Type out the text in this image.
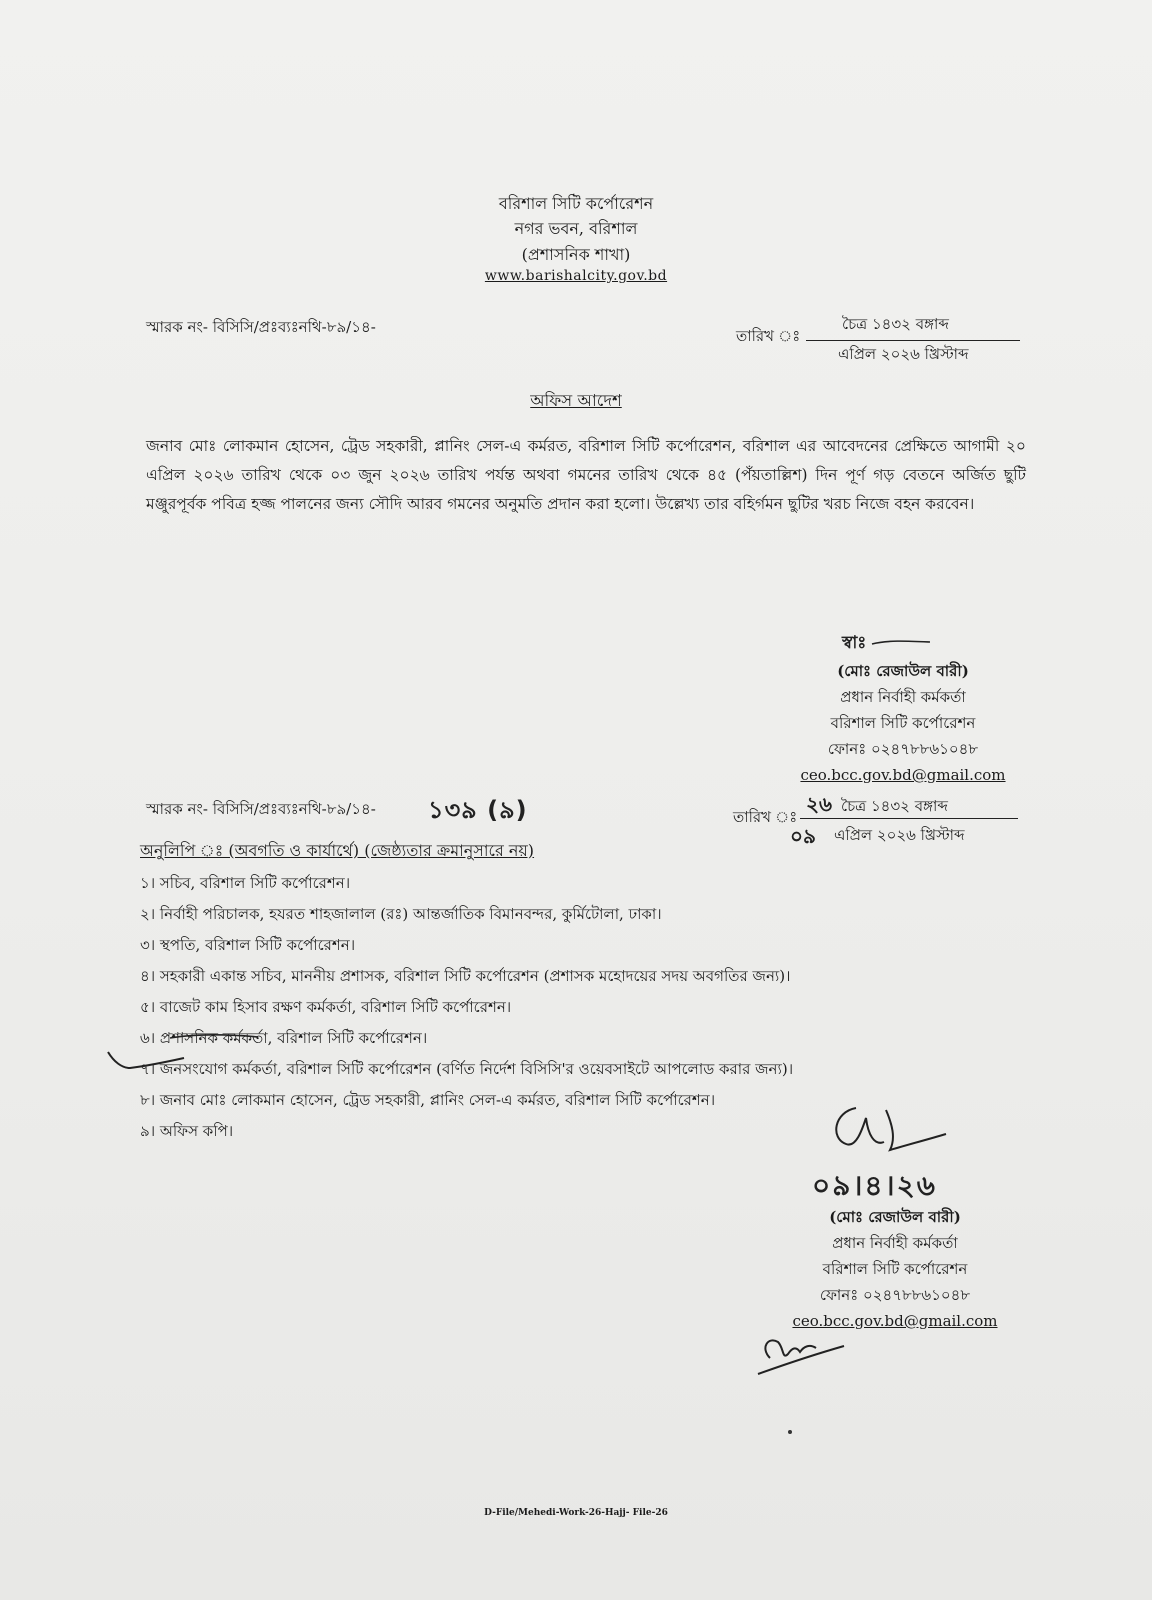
বরিশাল সিটি কর্পোরেশন
নগর ভবন, বরিশাল
(প্রশাসনিক শাখা)
www.barishalcity.gov.bd
স্মারক নং- বিসিসি/প্রঃব্যঃনথি-৮৯/১৪-	তারিখ ঃ
চৈত্র ১৪৩২ বঙ্গাব্দ
এপ্রিল ২০২৬ খ্রিস্টাব্দ
অফিস আদেশ
জনাব মোঃ লোকমান হোসেন, ট্রেড সহকারী, প্লানিং সেল-এ কর্মরত, বরিশাল সিটি কর্পোরেশন, বরিশাল এর আবেদনের প্রেক্ষিতে আগামী ২০ এপ্রিল ২০২৬ তারিখ থেকে ০৩ জুন ২০২৬ তারিখ পর্যন্ত অথবা গমনের তারিখ থেকে ৪৫ (পঁয়তাল্লিশ) দিন পূর্ণ গড় বেতনে অর্জিত ছুটি মঞ্জুরপূর্বক পবিত্র হজ্জ পালনের জন্য সৌদি আরব গমনের অনুমতি প্রদান করা হলো। উল্লেখ্য তার বহির্গমন ছুটির খরচ নিজে বহন করবেন।
স্বাঃ
(মোঃ রেজাউল বারী)
প্রধান নির্বাহী কর্মকর্তা
বরিশাল সিটি কর্পোরেশন
ফোনঃ ০২৪৭৮৮৬১০৪৮
ceo.bcc.gov.bd@gmail.com
স্মারক নং- বিসিসি/প্রঃব্যঃনথি-৮৯/১৪- ১৩৯ (৯)	তারিখ ঃ
২৬ চৈত্র ১৪৩২ বঙ্গাব্দ
০৯ এপ্রিল ২০২৬ খ্রিস্টাব্দ
অনুলিপি ঃ (অবগতি ও কার্যার্থে) (জেষ্ঠ্যতার ক্রমানুসারে নয়)
১। সচিব, বরিশাল সিটি কর্পোরেশন।
২। নির্বাহী পরিচালক, হযরত শাহজালাল (রঃ) আন্তর্জাতিক বিমানবন্দর, কুর্মিটোলা, ঢাকা।
৩। স্থপতি, বরিশাল সিটি কর্পোরেশন।
৪। সহকারী একান্ত সচিব, মাননীয় প্রশাসক, বরিশাল সিটি কর্পোরেশন (প্রশাসক মহোদয়ের সদয় অবগতির জন্য)।
৫। বাজেট কাম হিসাব রক্ষণ কর্মকর্তা, বরিশাল সিটি কর্পোরেশন।
৬। প্রশাসনিক কর্মকর্তা, বরিশাল সিটি কর্পোরেশন।
৭। জনসংযোগ কর্মকর্তা, বরিশাল সিটি কর্পোরেশন (বর্ণিত নির্দেশ বিসিসি'র ওয়েবসাইটে আপলোড করার জন্য)।
৮। জনাব মোঃ লোকমান হোসেন, ট্রেড সহকারী, প্লানিং সেল-এ কর্মরত, বরিশাল সিটি কর্পোরেশন।
৯। অফিস কপি।
০৯।৪।২৬
(মোঃ রেজাউল বারী)
প্রধান নির্বাহী কর্মকর্তা
বরিশাল সিটি কর্পোরেশন
ফোনঃ ০২৪৭৮৮৬১০৪৮
ceo.bcc.gov.bd@gmail.com
D-File/Mehedi-Work-26-Hajj- File-26
